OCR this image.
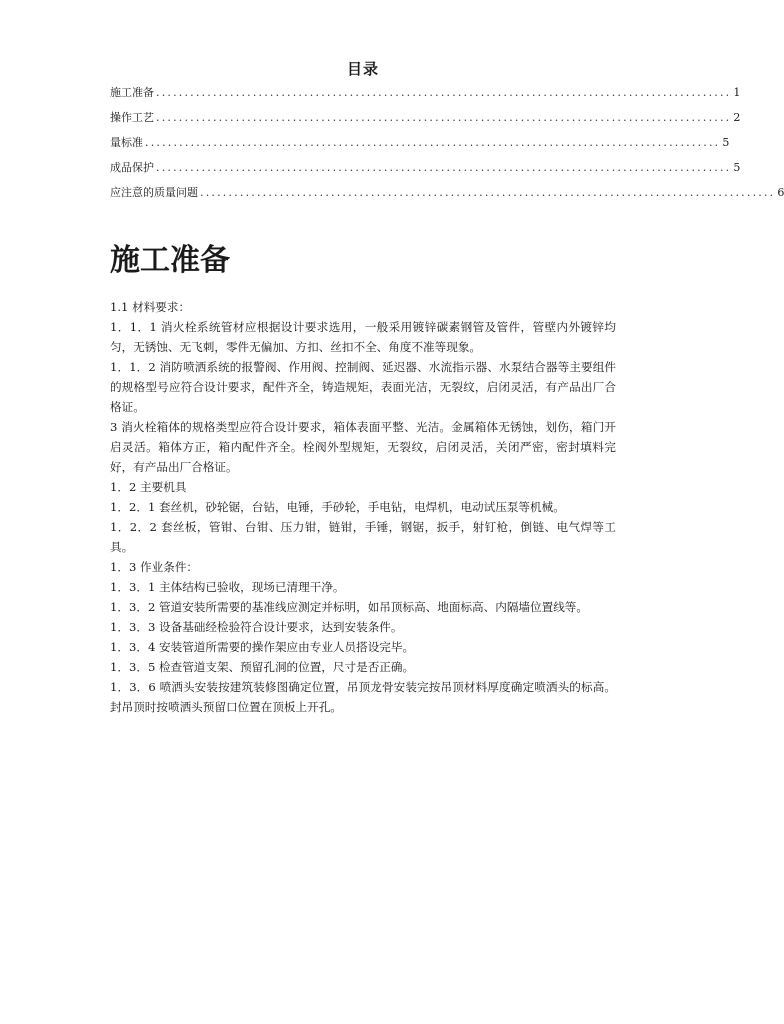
目录
施工准备 ..................................................................................................... 1
操作工艺 ..................................................................................................... 2
量标准 ..................................................................................................... 5
成品保护 ..................................................................................................... 5
应注意的质量问题 ..................................................................................................... 6
施工准备

1.1 材料要求：

1．1．1 消火栓系统管材应根据设计要求选用，一般采用镀锌碳素钢管及管件，管壁内外镀锌均匀，无锈蚀、无飞刺，零件无偏加、方扣、丝扣不全、角度不准等现象。

1．1．2 消防喷洒系统的报警阀、作用阀、控制阀、延迟器、水流指示器、水泵结合器等主要组件的规格型号应符合设计要求，配件齐全，铸造规矩，表面光洁，无裂纹，启闭灵活，有产品出厂合格证。

3 消火栓箱体的规格类型应符合设计要求，箱体表面平整、光洁。金属箱体无锈蚀，划伤，箱门开启灵活。箱体方正，箱内配件齐全。栓阀外型规矩，无裂纹，启闭灵活，关闭严密，密封填料完好，有产品出厂合格证。

1．2 主要机具

1．2．1 套丝机，砂轮锯，台钻，电锤，手砂轮，手电钻，电焊机，电动试压泵等机械。

1．2．2 套丝板，管钳、台钳、压力钳，链钳，手锤，钢锯，扳手，射钉枪，倒链、电气焊等工具。

1．3 作业条件：

1．3．1 主体结构已验收，现场已清理干净。

1．3．2 管道安装所需要的基准线应测定并标明，如吊顶标高、地面标高、内隔墙位置线等。

1．3．3 设备基础经检验符合设计要求，达到安装条件。

1．3．4 安装管道所需要的操作架应由专业人员搭设完毕。

1．3．5 检查管道支架、预留孔洞的位置，尺寸是否正确。

1．3．6 喷洒头安装按建筑装修图确定位置，吊顶龙骨安装完按吊顶材料厚度确定喷洒头的标高。封吊顶时按喷洒头预留口位置在顶板上开孔。
